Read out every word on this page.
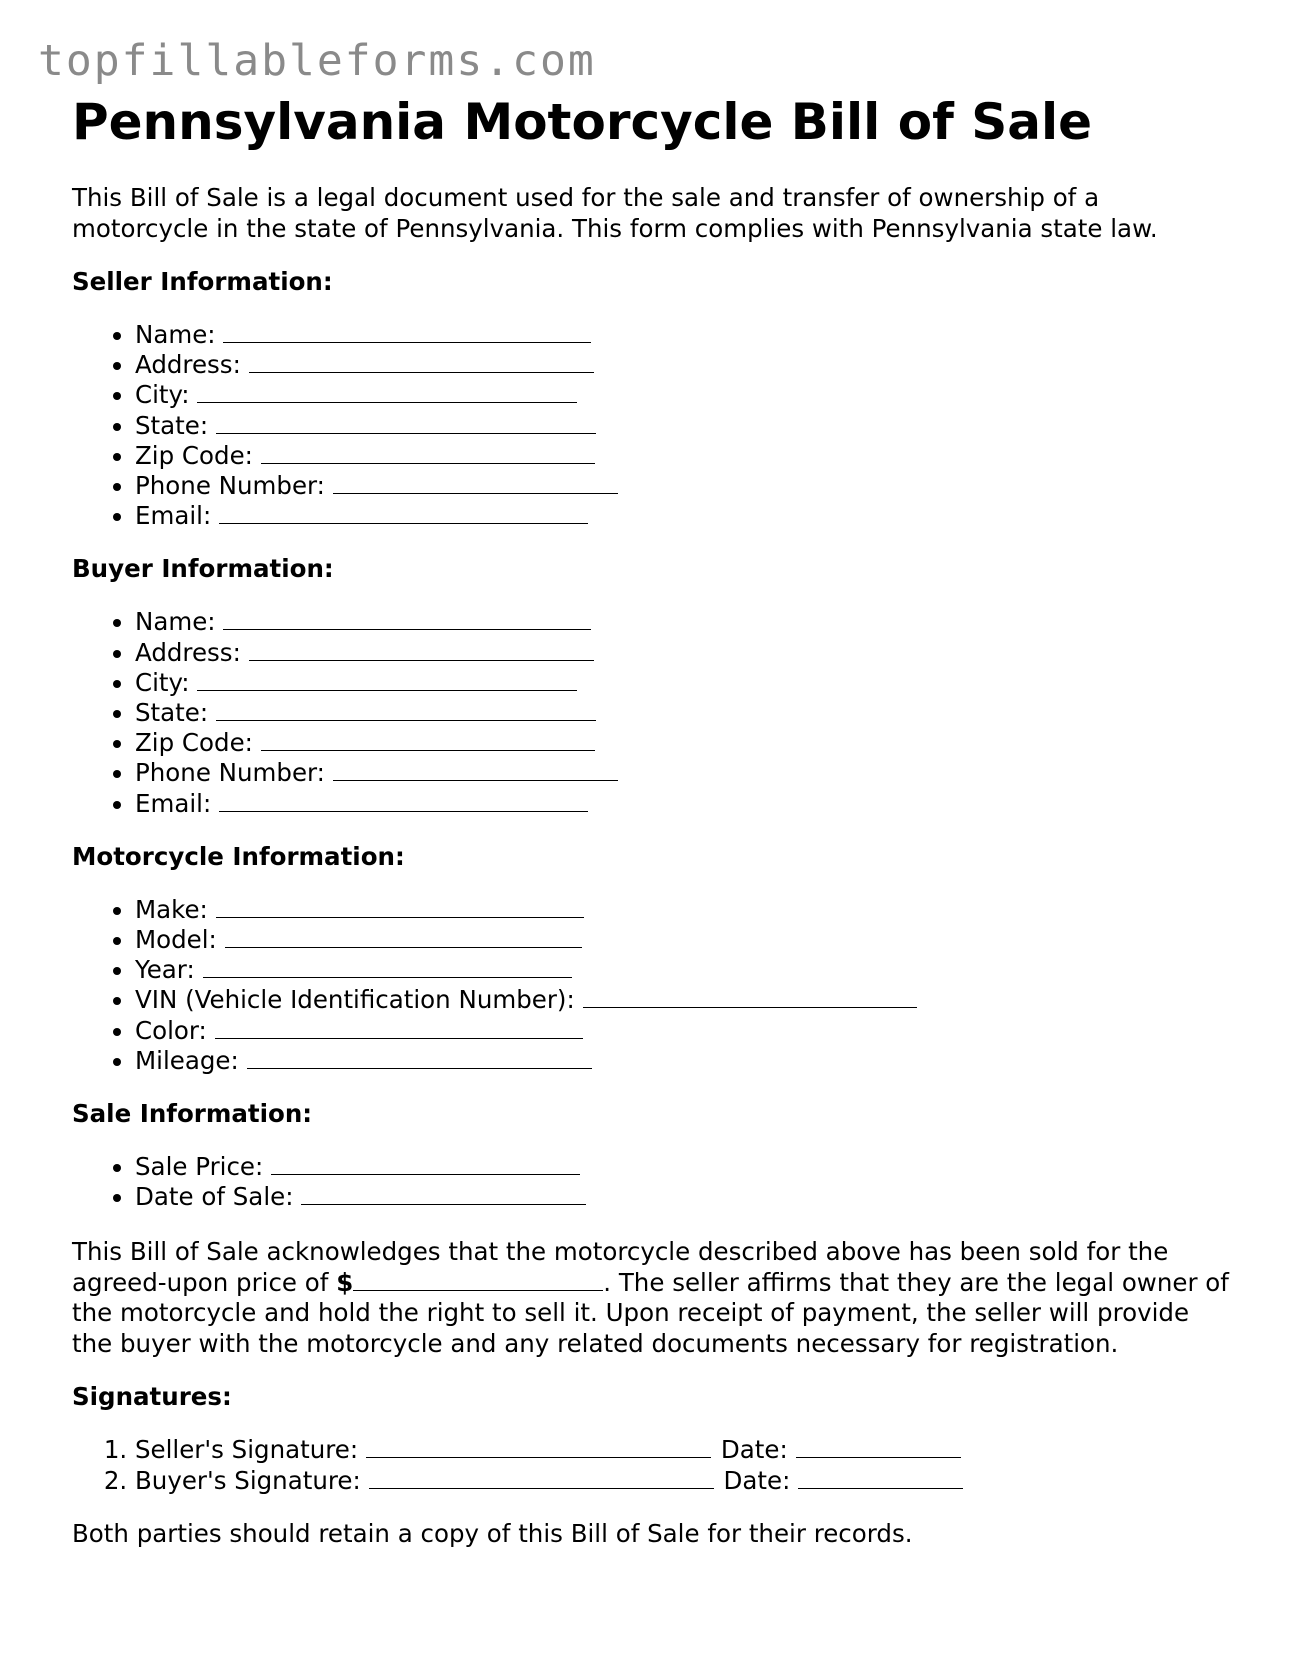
topfillableforms.com
Pennsylvania Motorcycle Bill of Sale

This Bill of Sale is a legal document used for the sale and transfer of ownership of a motorcycle in the state of Pennsylvania. This form complies with Pennsylvania state law.

Seller Information:
• Name:
• Address:
• City:
• State:
• Zip Code:
• Phone Number:
• Email:
Buyer Information:
• Name:
• Address:
• City:
• State:
• Zip Code:
• Phone Number:
• Email:
Motorcycle Information:
• Make:
• Model:
• Year:
• VIN (Vehicle Identification Number):
• Color:
• Mileage:
Sale Information:
• Sale Price:
• Date of Sale:

This Bill of Sale acknowledges that the motorcycle described above has been sold for the agreed-upon price of $	. The seller affirms that they are the legal owner of the motorcycle and hold the right to sell it. Upon receipt of payment, the seller will provide the buyer with the motorcycle and any related documents necessary for registration.

Signatures:
1. Seller's Signature:	Date:
2. Buyer's Signature:	Date:

Both parties should retain a copy of this Bill of Sale for their records.
